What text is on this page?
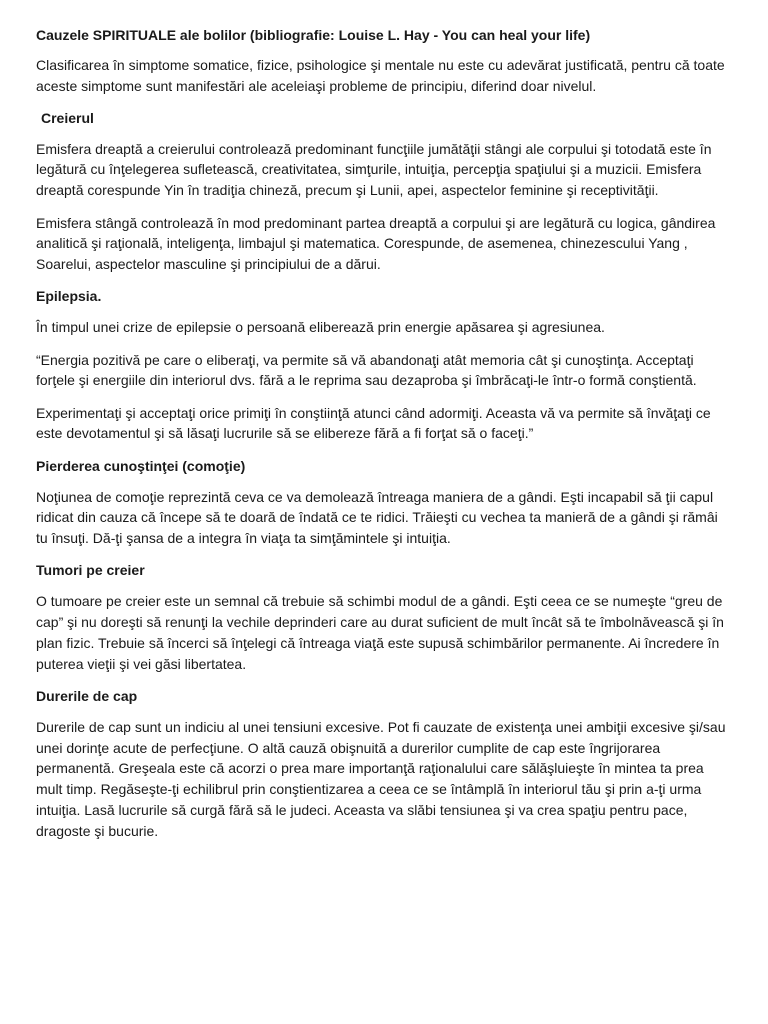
Cauzele SPIRITUALE ale bolilor (bibliografie: Louise L. Hay - You can heal your life)

Clasificarea în simptome somatice, fizice, psihologice şi mentale nu este cu adevărat justificată, pentru că toate aceste simptome sunt manifestări ale aceleiaşi probleme de principiu, diferind doar nivelul.

Creierul

Emisfera dreaptă a creierului controlează predominant funcţiile jumătăţii stângi ale corpului şi totodată este în legătură cu înţelegerea sufletească, creativitatea, simţurile, intuiţia, percepţia spaţiului şi a muzicii. Emisfera dreaptă corespunde Yin în tradiţia chineză, precum şi Lunii, apei, aspectelor feminine şi receptivităţii.

Emisfera stângă controlează în mod predominant partea dreaptă a corpului şi are legătură cu logica, gândirea analitică şi raţională, inteligenţa, limbajul şi matematica. Corespunde, de asemenea, chinezescului Yang , Soarelui, aspectelor masculine şi principiului de a dărui.

Epilepsia.

În timpul unei crize de epilepsie o persoană eliberează prin energie apăsarea şi agresiunea.

“Energia pozitivă pe care o eliberaţi, va permite să vă abandonaţi atât memoria cât şi cunoştinţa. Acceptaţi forţele şi energiile din interiorul dvs. fără a le reprima sau dezaproba şi îmbrăcaţi-le într-o formă conştientă.

Experimentaţi şi acceptaţi orice primiţi în conştiinţă atunci când adormiţi. Aceasta vă va permite să învăţaţi ce este devotamentul şi să lăsaţi lucrurile să se elibereze fără a fi forţat să o faceţi.”

Pierderea cunoştinţei (comoţie)

Noţiunea de comoţie reprezintă ceva ce va demolează întreaga maniera de a gândi. Eşti incapabil să ţii capul ridicat din cauza că începe să te doară de îndată ce te ridici. Trăieşti cu vechea ta manieră de a gândi şi rămâi tu însuţi. Dă-ţi şansa de a integra în viaţa ta simţămintele şi intuiţia.

Tumori pe creier

O tumoare pe creier este un semnal că trebuie să schimbi modul de a gândi. Eşti ceea ce se numeşte “greu de cap” şi nu doreşti să renunţi la vechile deprinderi care au durat suficient de mult încât să te îmbolnăvească şi în plan fizic. Trebuie să încerci să înţelegi că întreaga viaţă este supusă schimbărilor permanente. Ai încredere în puterea vieţii şi vei găsi libertatea.

Durerile de cap

Durerile de cap sunt un indiciu al unei tensiuni excesive. Pot fi cauzate de existenţa unei ambiţii excesive şi/sau unei dorinţe acute de perfecţiune. O altă cauză obişnuită a durerilor cumplite de cap este îngrijorarea permanentă. Greşeala este că acorzi o prea mare importanţă raţionalului care sălăşluieşte în mintea ta prea mult timp. Regăseşte-ţi echilibrul prin conştientizarea a ceea ce se întâmplă în interiorul tău şi prin a-ţi urma intuiţia. Lasă lucrurile să curgă fără să le judeci. Aceasta va slăbi tensiunea şi va crea spaţiu pentru pace, dragoste şi bucurie.
